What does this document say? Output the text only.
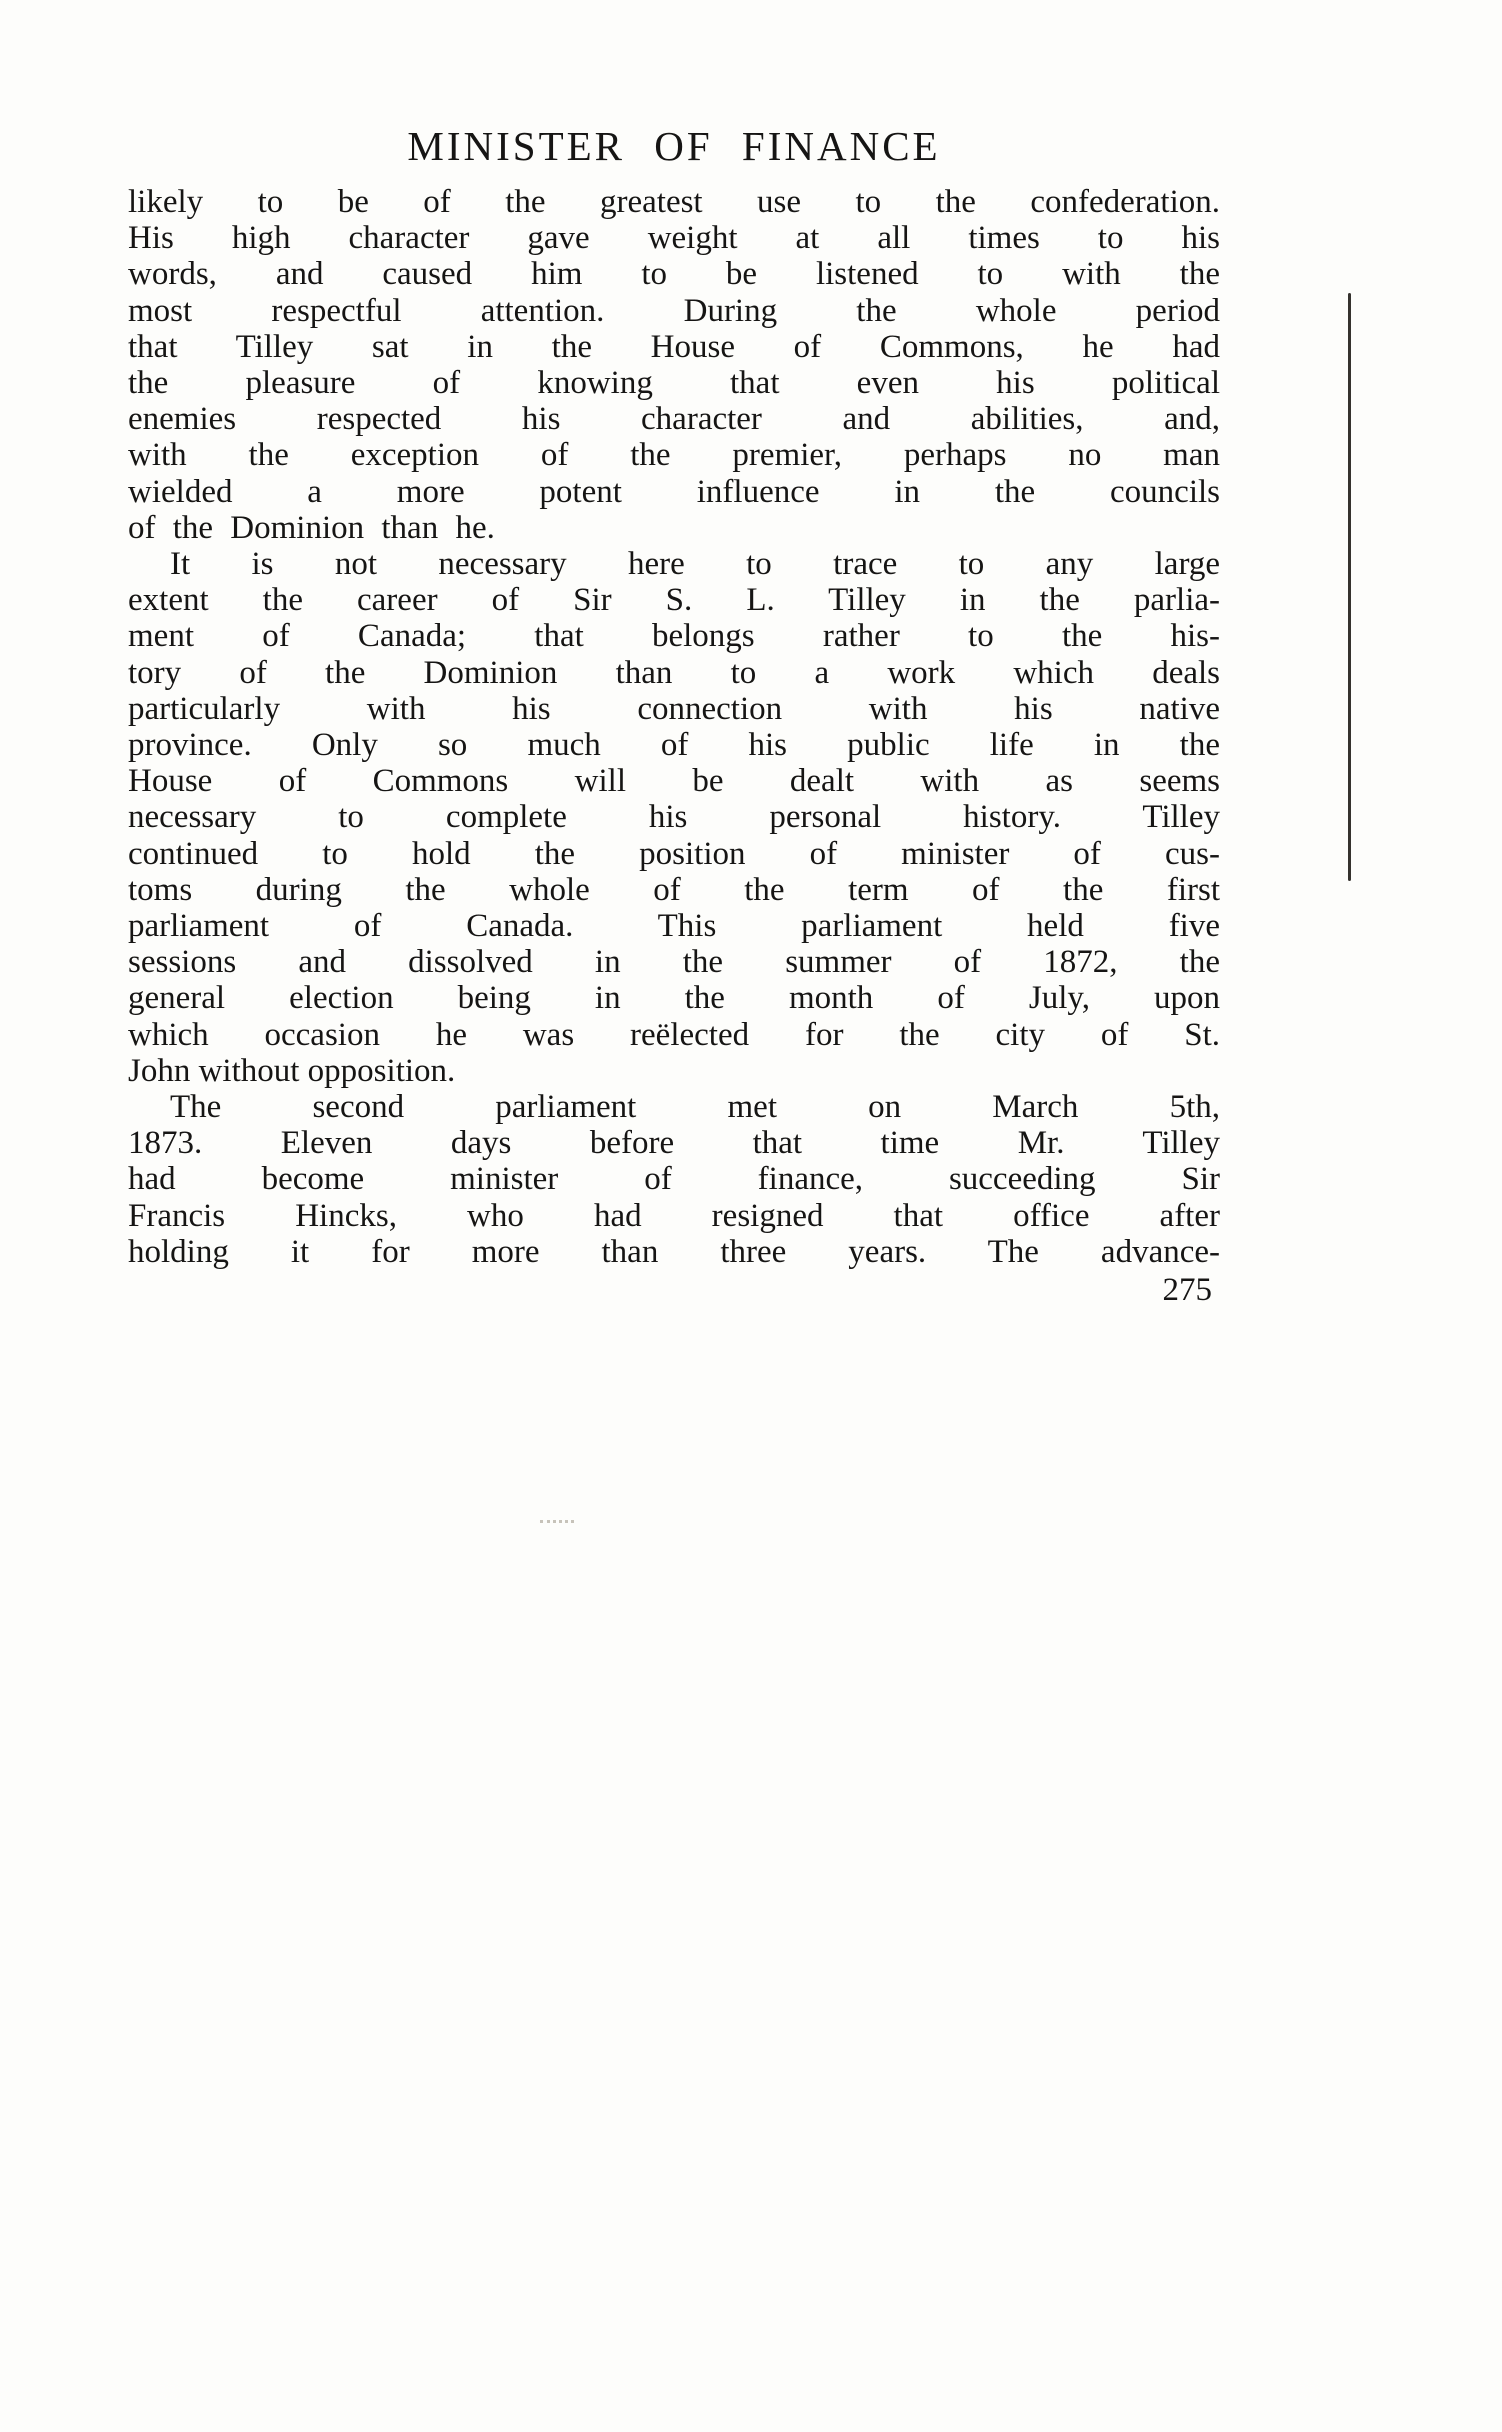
MINISTER OF FINANCE
likely to be of the greatest use to the confederation.
His high character gave weight at all times to his
words, and caused him to be listened to with the
most respectful attention. During the whole period
that Tilley sat in the House of Commons, he had
the pleasure of knowing that even his political
enemies respected his character and abilities, and,
with the exception of the premier, perhaps no man
wielded a more potent influence in the councils
of the Dominion than he.
It is not necessary here to trace to any large
extent the career of Sir S. L. Tilley in the parlia-
ment of Canada; that belongs rather to the his-
tory of the Dominion than to a work which deals
particularly with his connection with his native
province. Only so much of his public life in the
House of Commons will be dealt with as seems
necessary to complete his personal history. Tilley
continued to hold the position of minister of cus-
toms during the whole of the term of the first
parliament of Canada. This parliament held five
sessions and dissolved in the summer of 1872, the
general election being in the month of July, upon
which occasion he was reëlected for the city of St.
John without opposition.
The second parliament met on March 5th,
1873. Eleven days before that time Mr. Tilley
had become minister of finance, succeeding Sir
Francis Hincks, who had resigned that office after
holding it for more than three years. The advance-
275
